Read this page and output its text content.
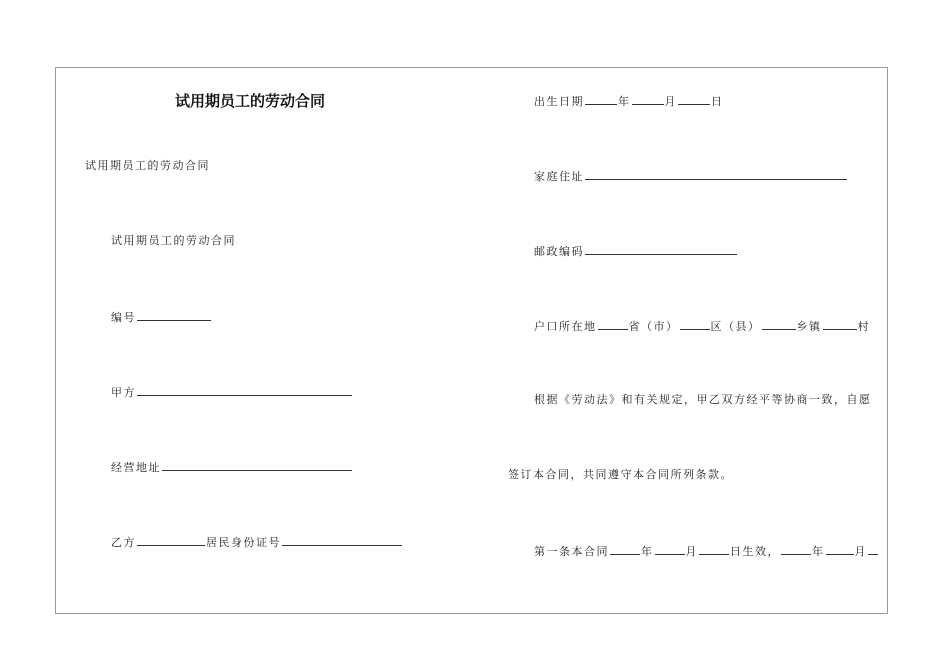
试用期员工的劳动合同
试用期员工的劳动合同
试用期员工的劳动合同
编号
甲方
经营地址
乙方	居民身份证号
出生日期	年	月	日
家庭住址
邮政编码
户口所在地	省（市）	区（县）	乡镇	村
根据《劳动法》和有关规定，甲乙双方经平等协商一致，自愿
签订本合同，共同遵守本合同所列条款。
第一条本合同	年	月	日生效，	年	月
